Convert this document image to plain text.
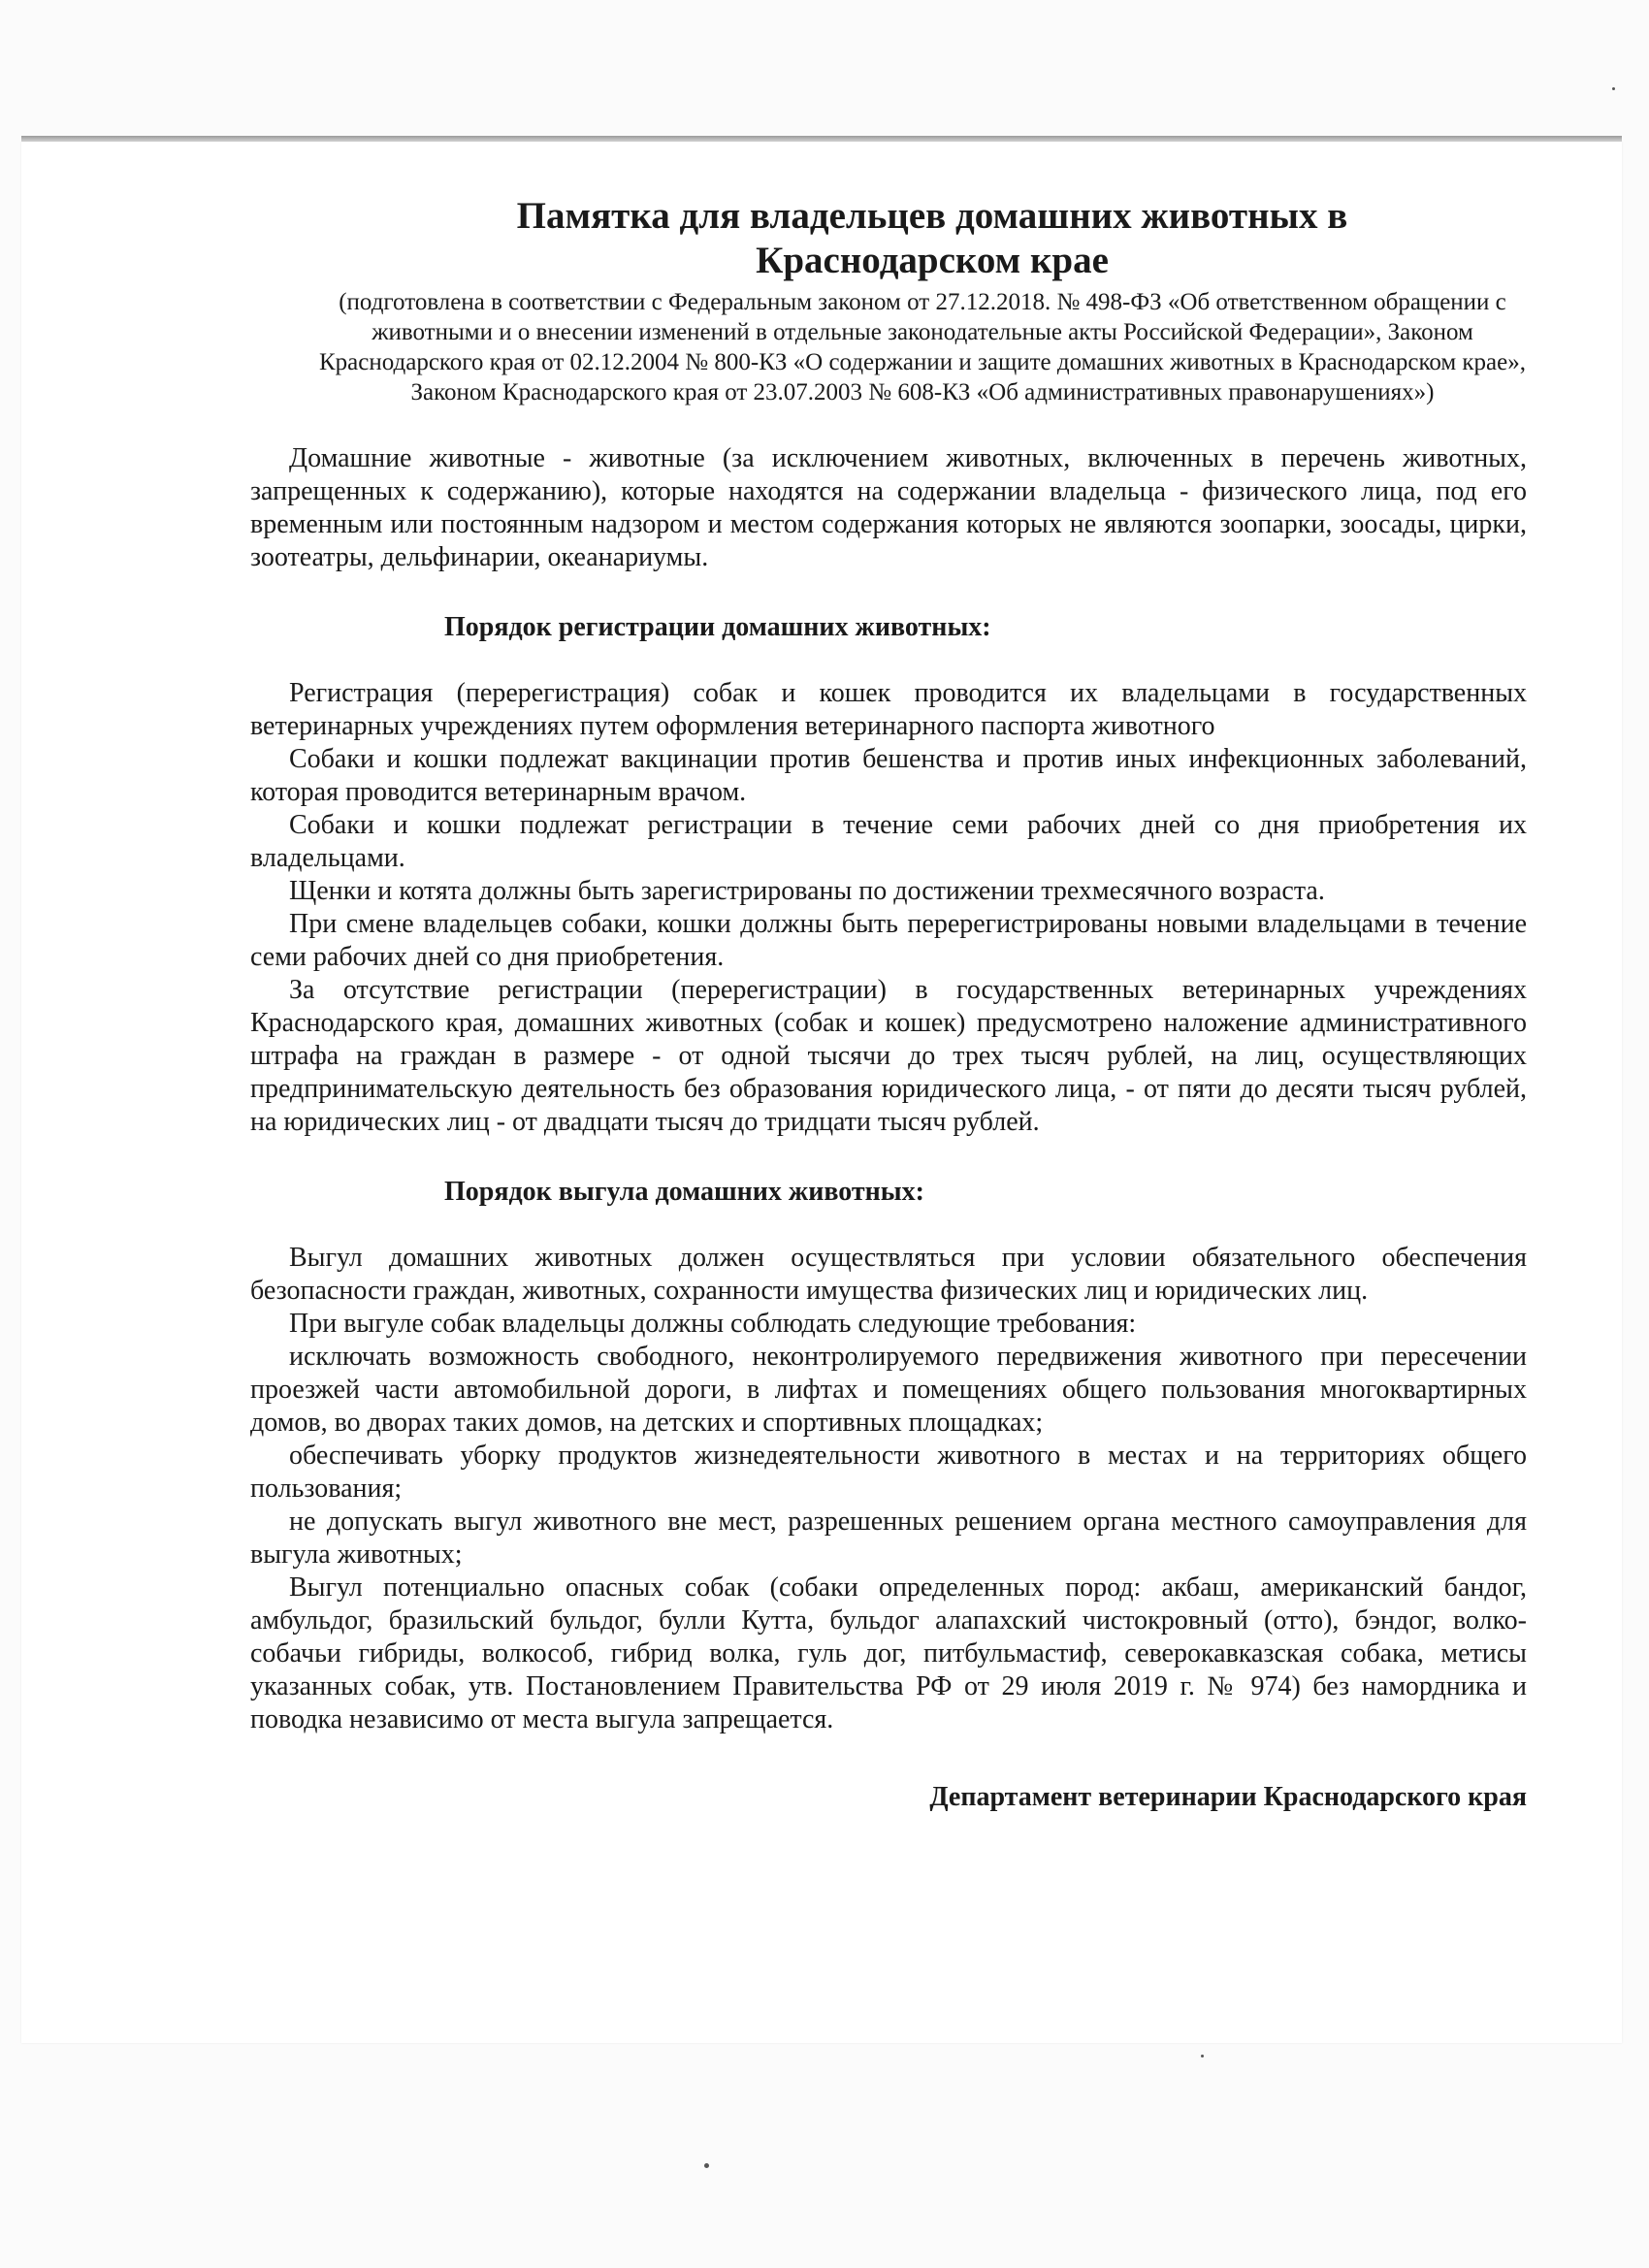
Памятка для владельцев домашних животных в
Краснодарском крае

(подготовлена в соответствии с Федеральным законом от 27.12.2018. № 498-ФЗ «Об ответственном обращении с животными и о внесении изменений в отдельные законодательные акты Российской Федерации», Законом Краснодарского края от 02.12.2004 № 800-КЗ «О содержании и защите домашних животных в Краснодарском крае», Законом Краснодарского края от 23.07.2003 № 608-КЗ «Об административных правонарушениях»)

Домашние животные - животные (за исключением животных, включенных в перечень животных, запрещенных к содержанию), которые находятся на содержании владельца - физического лица, под его временным или постоянным надзором и местом содержания которых не являются зоопарки, зоосады, цирки, зоотеатры, дельфинарии, океанариумы.

Порядок регистрации домашних животных:

Регистрация (перерегистрация) собак и кошек проводится их владельцами в государственных ветеринарных учреждениях путем оформления ветеринарного паспорта животного

Собаки и кошки подлежат вакцинации против бешенства и против иных инфекционных заболеваний, которая проводится ветеринарным врачом.

Собаки и кошки подлежат регистрации в течение семи рабочих дней со дня приобретения их владельцами.

Щенки и котята должны быть зарегистрированы по достижении трехмесячного возраста.

При смене владельцев собаки, кошки должны быть перерегистрированы новыми владельцами в течение семи рабочих дней со дня приобретения.

За отсутствие регистрации (перерегистрации) в государственных ветеринарных учреждениях Краснодарского края, домашних животных (собак и кошек) предусмотрено наложение административного штрафа на граждан в размере - от одной тысячи до трех тысяч рублей, на лиц, осуществляющих предпринимательскую деятельность без образования юридического лица, - от пяти до десяти тысяч рублей, на юридических лиц - от двадцати тысяч до тридцати тысяч рублей.

Порядок выгула домашних животных:

Выгул домашних животных должен осуществляться при условии обязательного обеспечения безопасности граждан, животных, сохранности имущества физических лиц и юридических лиц.

При выгуле собак владельцы должны соблюдать следующие требования:

исключать возможность свободного, неконтролируемого передвижения животного при пересечении проезжей части автомобильной дороги, в лифтах и помещениях общего пользования многоквартирных домов, во дворах таких домов, на детских и спортивных площадках;

обеспечивать уборку продуктов жизнедеятельности животного в местах и на территориях общего пользования;

не допускать выгул животного вне мест, разрешенных решением органа местного самоуправления для выгула животных;

Выгул потенциально опасных собак (собаки определенных пород: акбаш, американский бандог, амбульдог, бразильский бульдог, булли Кутта, бульдог алапахский чистокровный (отто), бэндог, волко-собачьи гибриды, волкособ, гибрид волка, гуль дог, питбульмастиф, северокавказская собака, метисы указанных собак, утв. Постановлением Правительства РФ от 29 июля 2019 г. № 974) без намордника и поводка независимо от места выгула запрещается.

Департамент ветеринарии Краснодарского края
